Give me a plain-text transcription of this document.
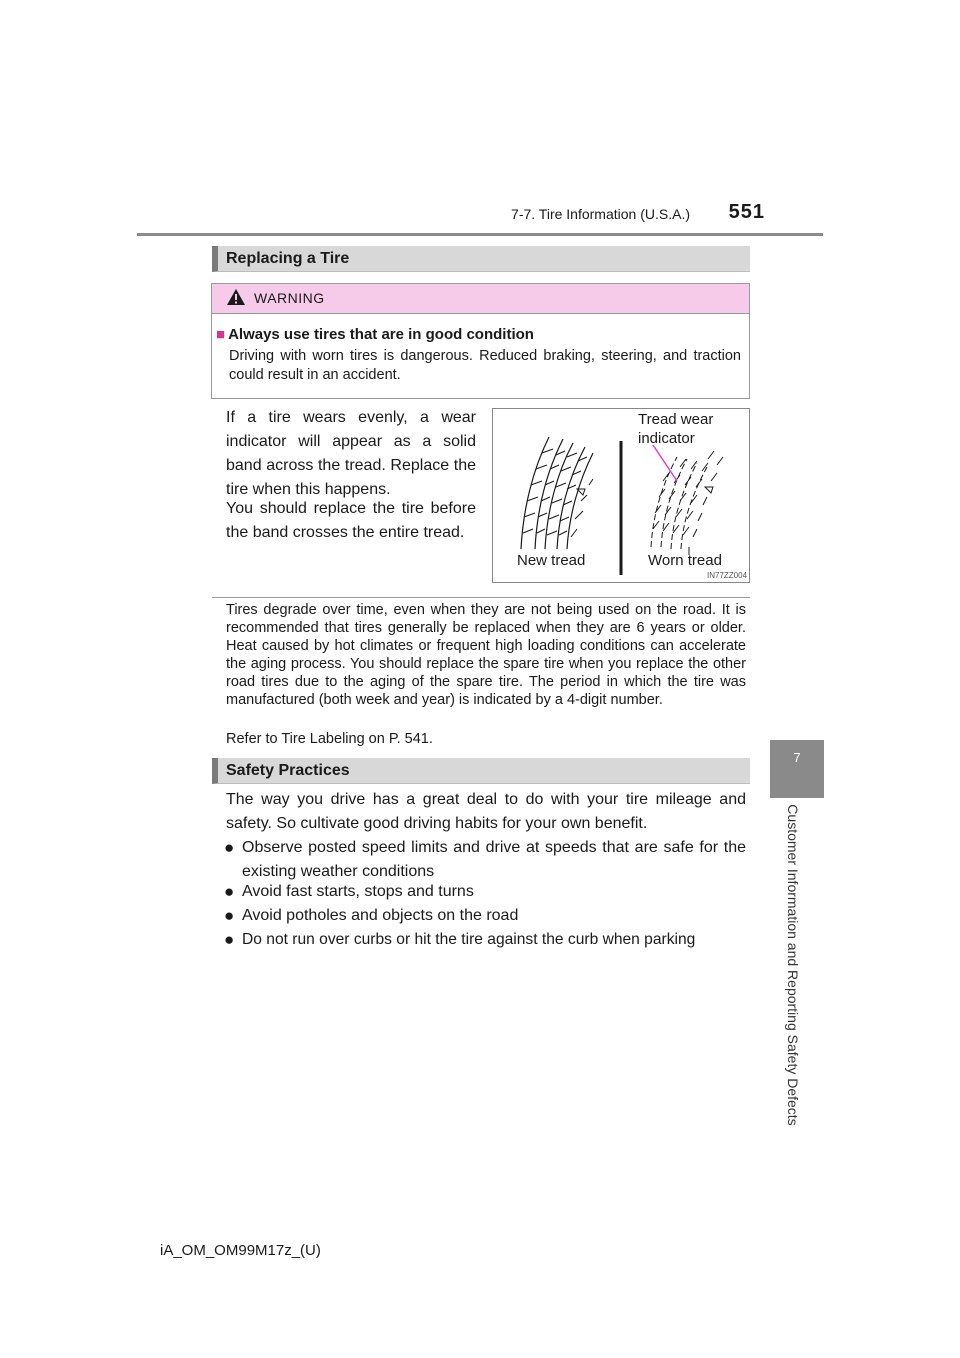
7-7. Tire Information (U.S.A.)	551
7
Customer Information and Reporting Safety Defects
Replacing a Tire
WARNING
■ Always use tires that are in good condition
Driving with worn tires is dangerous. Reduced braking, steering, and traction could result in an accident.
If a tire wears evenly, a wear indicator will appear as a solid band across the tread. Replace the tire when this happens.
You should replace the tire before the band crosses the entire tread.
Tread wear
indicator
New tread	Worn tread
IN77ZZ004
Tires degrade over time, even when they are not being used on the road. It is recommended that tires generally be replaced when they are 6 years or older. Heat caused by hot climates or frequent high loading conditions can accelerate the aging process. You should replace the spare tire when you replace the other road tires due to the aging of the spare tire. The period in which the tire was manufactured (both week and year) is indicated by a 4-digit number.
Refer to Tire Labeling on P. 541.
Safety Practices
The way you drive has a great deal to do with your tire mileage and safety. So cultivate good driving habits for your own benefit.
● Observe posted speed limits and drive at speeds that are safe for the existing weather conditions
● Avoid fast starts, stops and turns
● Avoid potholes and objects on the road
● Do not run over curbs or hit the tire against the curb when parking
iA_OM_OM99M17z_(U)
